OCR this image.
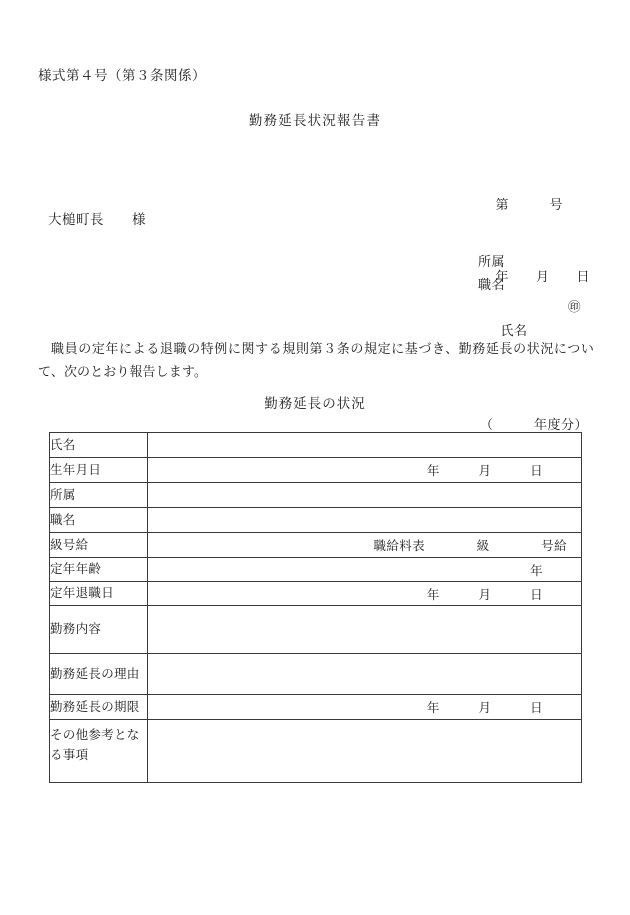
様式第４号（第３条関係）
勤務延長状況報告書

第　　　号

年　　月　　日

大槌町長　　様
所属
職名

氏名

㊞

職員の定年による退職の特例に関する規則第３条の規定に基づき、勤務延長の状況について、次のとおり報告します。
勤務延長の状況
（　　　年度分）
氏名	
生年月日	年　　　月　　　日

所属	
職名	
級号給	職給料表　　　　級　　　　号給

定年年齢	年

定年退職日	年　　　月　　　日

勤務内容	
勤務延長の理由	
勤務延長の期限	年　　　月　　　日

その他参考とな
る事項	
